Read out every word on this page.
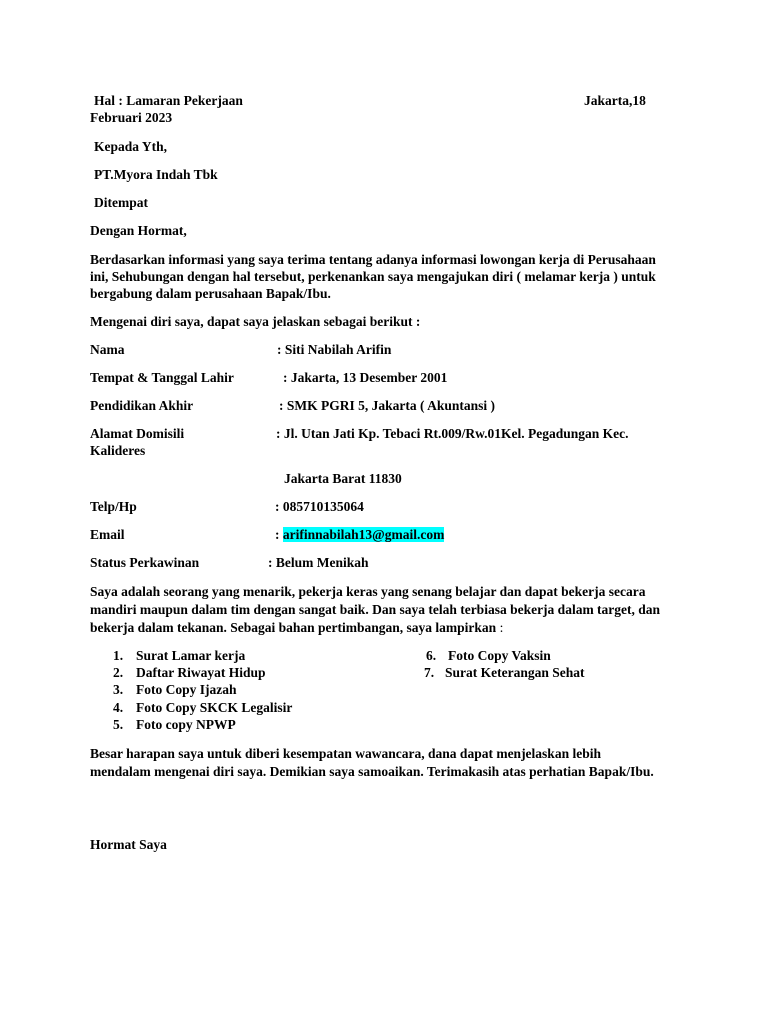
Hal : Lamaran Pekerjaan	Jakarta,18
Februari 2023
Kepada Yth,
PT.Myora Indah Tbk
Ditempat
Dengan Hormat,
Berdasarkan informasi yang saya terima tentang adanya informasi lowongan kerja di Perusahaan
ini, Sehubungan dengan hal tersebut, perkenankan saya mengajukan diri ( melamar kerja ) untuk
bergabung dalam perusahaan Bapak/Ibu.
Mengenai diri saya, dapat saya jelaskan sebagai berikut :
Nama	: Siti Nabilah Arifin
Tempat & Tanggal Lahir	: Jakarta, 13 Desember 2001
Pendidikan Akhir	: SMK PGRI 5, Jakarta ( Akuntansi )
Alamat Domisili	: Jl. Utan Jati Kp. Tebaci Rt.009/Rw.01Kel. Pegadungan Kec.
Kalideres
Jakarta Barat 11830
Telp/Hp	: 085710135064
Email	: arifinnabilah13@gmail.com
Status Perkawinan	: Belum Menikah
Saya adalah seorang yang menarik, pekerja keras yang senang belajar dan dapat bekerja secara
mandiri maupun dalam tim dengan sangat baik. Dan saya telah terbiasa bekerja dalam target, dan
bekerja dalam tekanan. Sebagai bahan pertimbangan, saya lampirkan :
1. Surat Lamar kerja
2. Daftar Riwayat Hidup
3. Foto Copy Ijazah
4. Foto Copy SKCK Legalisir
5. Foto copy NPWP
6. Foto Copy Vaksin
7. Surat Keterangan Sehat
Besar harapan saya untuk diberi kesempatan wawancara, dana dapat menjelaskan lebih
mendalam mengenai diri saya. Demikian saya samoaikan. Terimakasih atas perhatian Bapak/Ibu.
Hormat Saya
